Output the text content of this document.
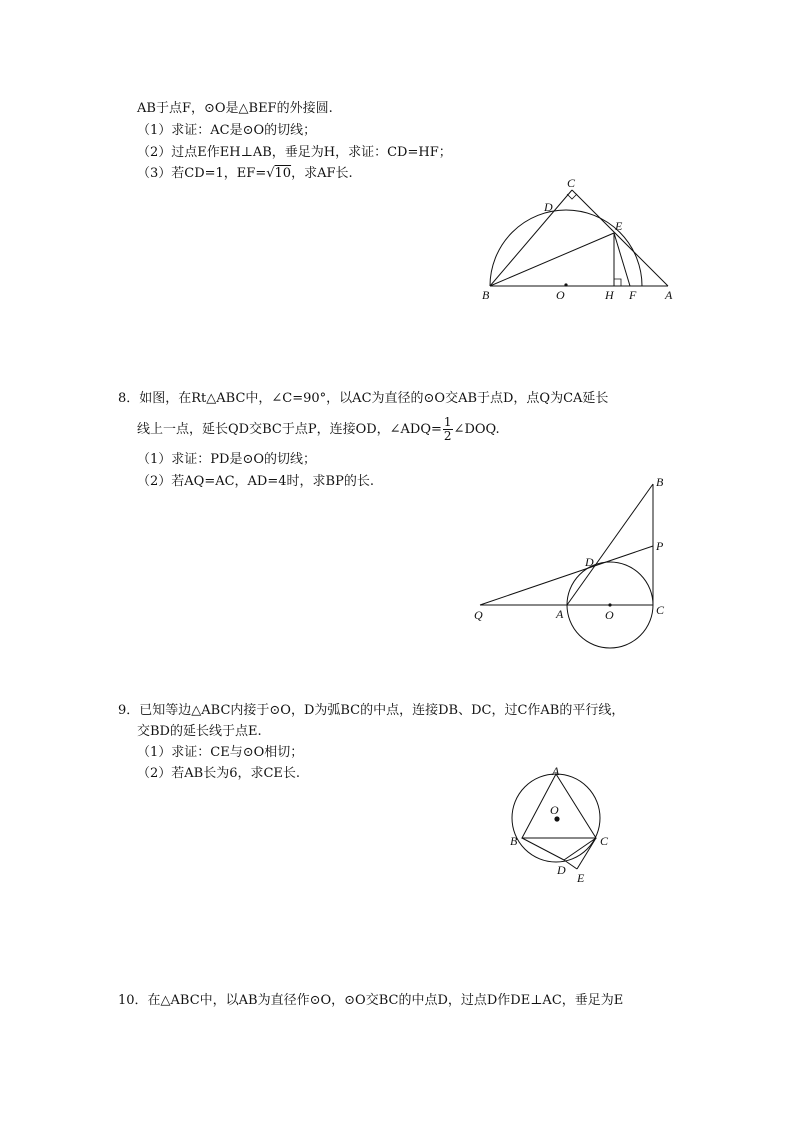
AB于点F，⊙O是△BEF的外接圆.
（1）求证：AC是⊙O的切线；
（2）过点E作EH⊥AB，垂足为H，求证：CD=HF；
（3）若CD=1，EF=√10，求AF长.
C
D
E
B	O	H F A
8．如图，在Rt△ABC中，∠C=90°，以AC为直径的⊙O交AB于点D，点Q为CA延长
线上一点，延长QD交BC于点P，连接OD，∠ADQ= $\frac{1}{2}$ ∠DOQ.
（1）求证：PD是⊙O的切线；
（2）若AQ=AC，AD=4时，求BP的长.	B
P
D
Q	A	O	C
9．已知等边△ABC内接于⊙O，D为弧BC的中点，连接DB、DC，过C作AB的平行线，
交BD的延长线于点E.
（1）求证：CE与⊙O相切；
（2）若AB长为6，求CE长.	A
O
B	C
D
E
10．在△ABC中，以AB为直径作⊙O，⊙O交BC的中点D，过点D作DE⊥AC，垂足为E
